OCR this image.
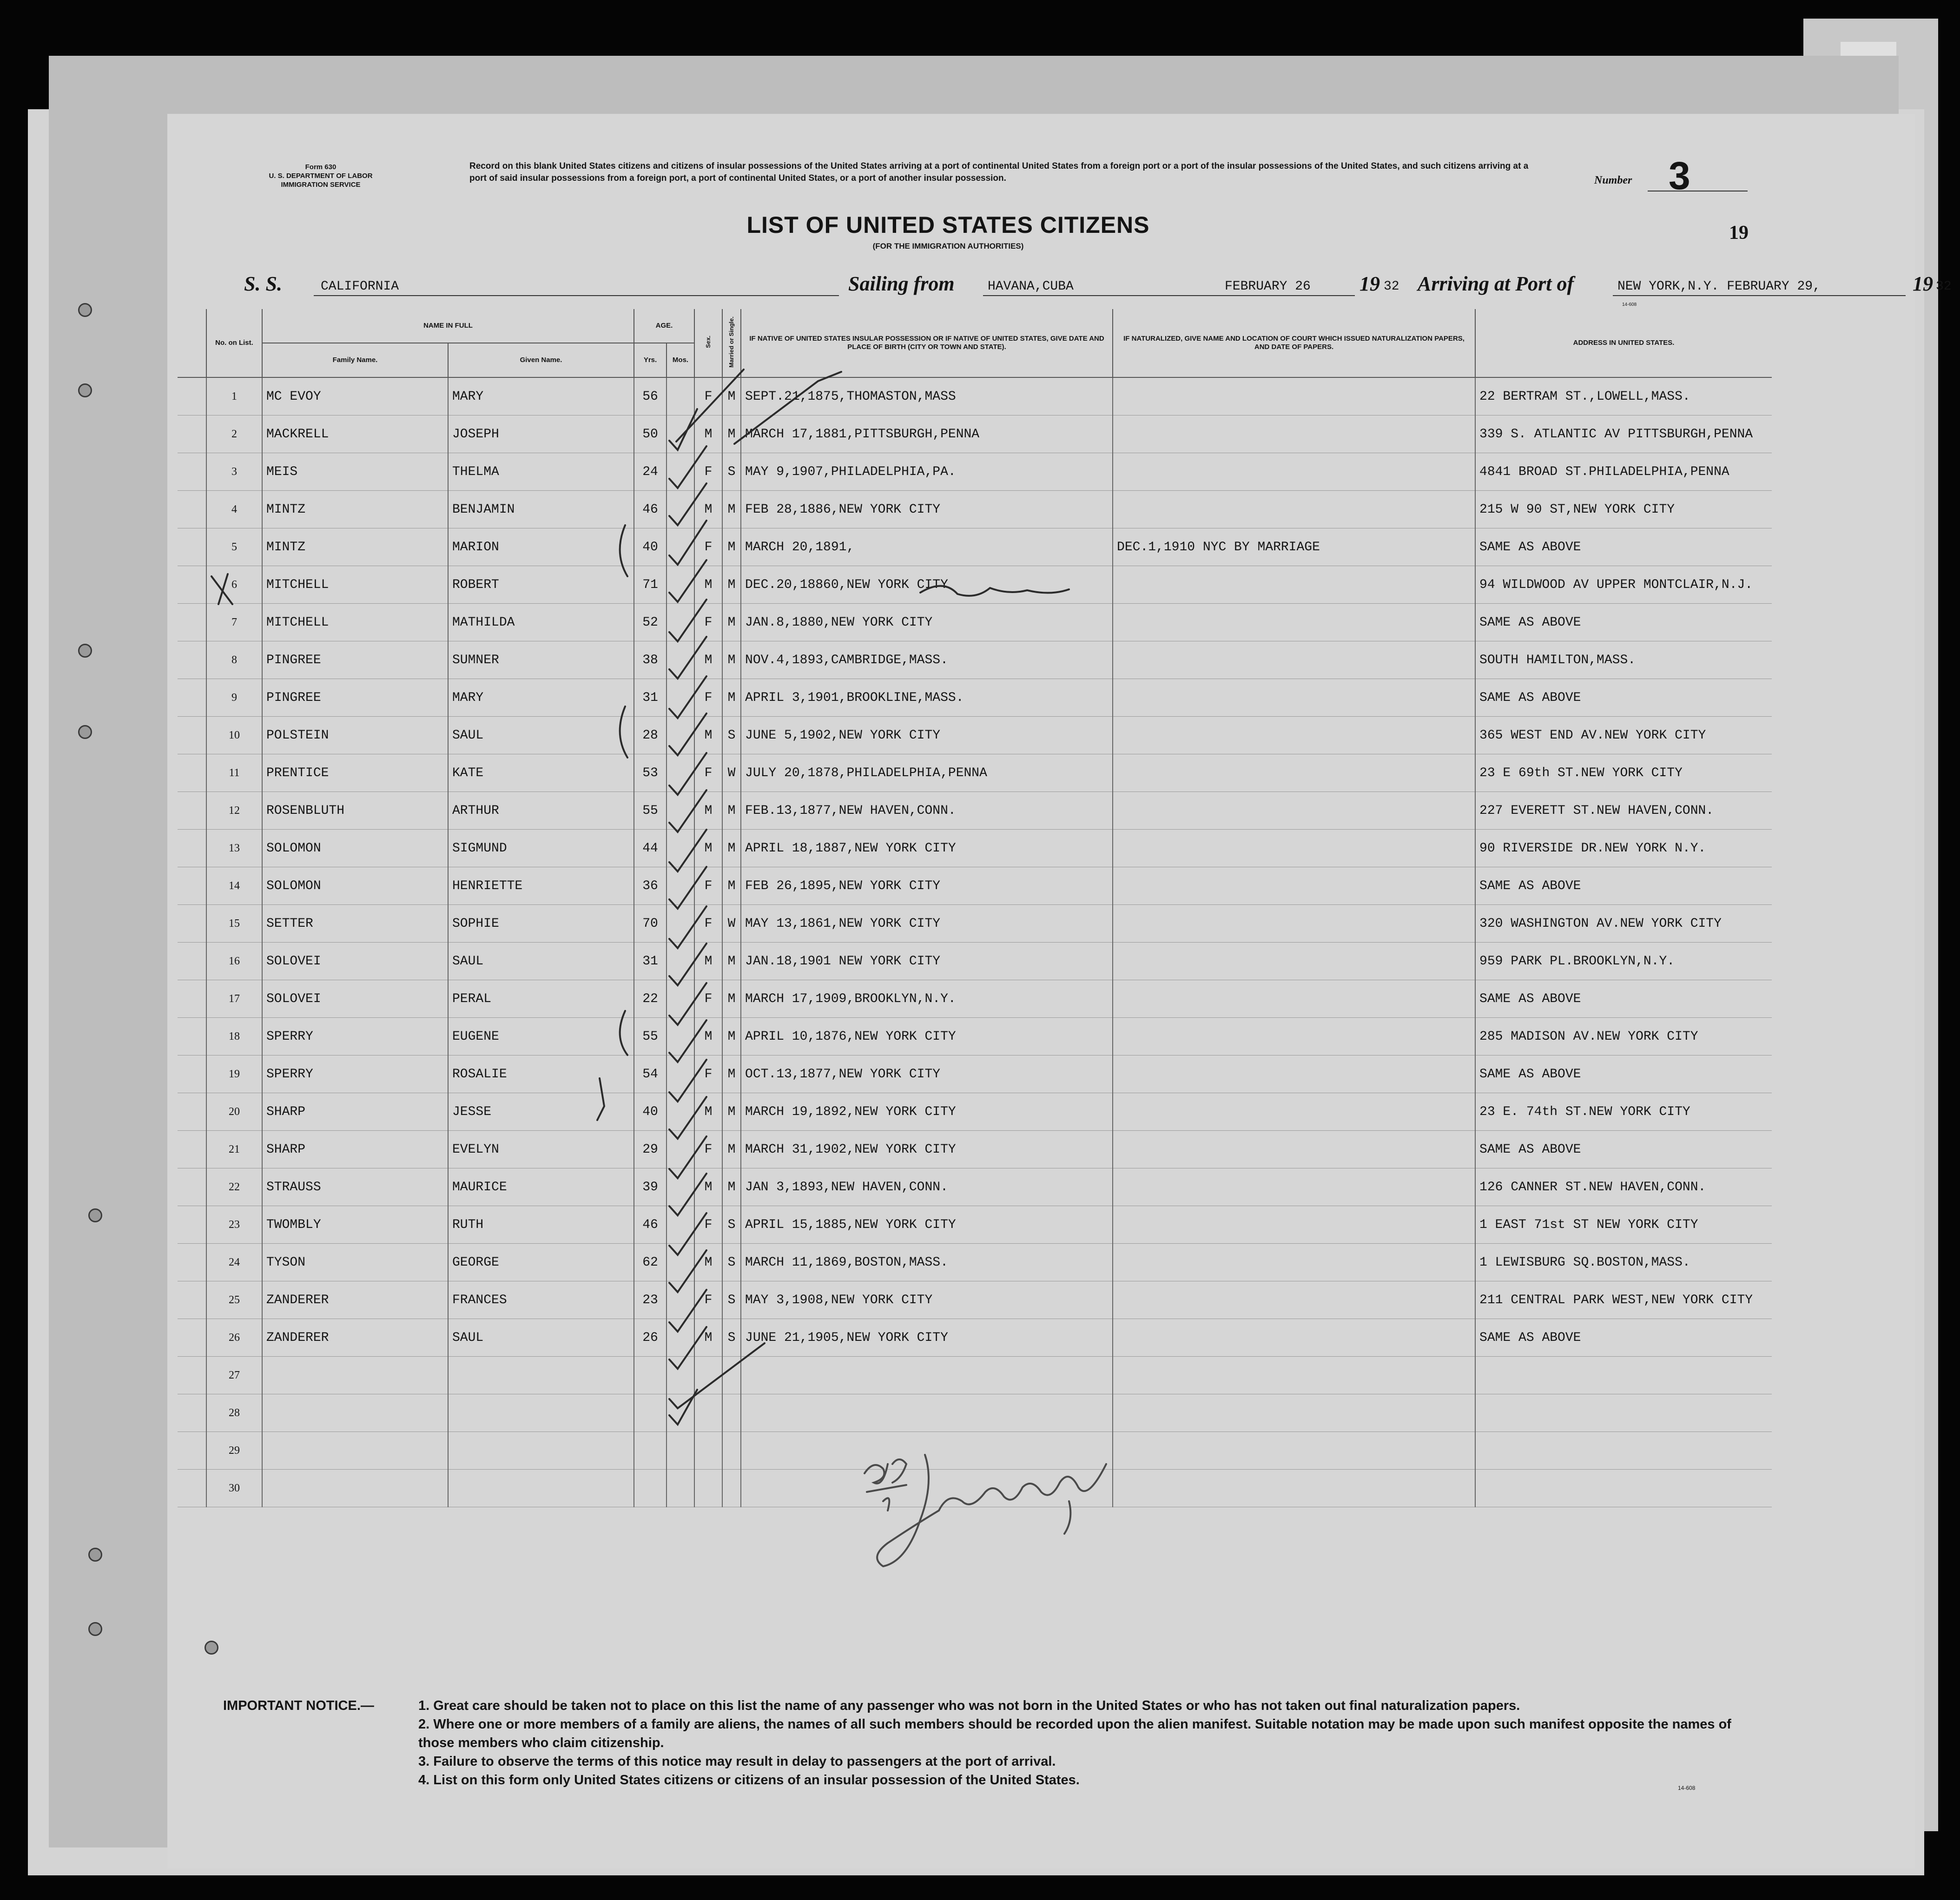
Form 630
U. S. DEPARTMENT OF LABOR
IMMIGRATION SERVICE
Record on this blank United States citizens and citizens of insular possessions of the United States arriving at a port of continental United States from a foreign port or a port of the insular possessions of the United States, and such citizens arriving at a port of said insular possessions from a foreign port, a port of continental United States, or a port of another insular possession.	Number 3
LIST OF UNITED STATES CITIZENS
(FOR THE IMMIGRATION AUTHORITIES)
19
S. S.	CALIFORNIA	Sailing from	HAVANA,CUBA	FEBRUARY 26 19 32 Arriving at Port of	NEW YORK,N.Y. FEBRUARY 29,	19 32
14-608
	No. on List.	NAME IN FULL		AGE.		Sex.	Married or Single.	IF NATIVE OF UNITED STATES INSULAR POSSESSION OR IF NATIVE OF UNITED STATES, GIVE DATE AND PLACE OF BIRTH (CITY OR TOWN AND STATE).	IF NATURALIZED, GIVE NAME AND LOCATION OF COURT WHICH ISSUED NATURALIZATION PAPERS, AND DATE OF PAPERS.	ADDRESS IN UNITED STATES.
		Family Name.	Given Name.	Yrs.	Mos.					
	1	MC EVOY	MARY	56		F	M	SEPT.21,1875,THOMASTON,MASS		22 BERTRAM ST.,LOWELL,MASS.
	2	MACKRELL	JOSEPH	50		M	M	MARCH 17,1881,PITTSBURGH,PENNA		339 S. ATLANTIC AV PITTSBURGH,PENNA
	3	MEIS	THELMA	24		F	S	MAY 9,1907,PHILADELPHIA,PA.		4841 BROAD ST.PHILADELPHIA,PENNA
	4	MINTZ	BENJAMIN	46		M	M	FEB 28,1886,NEW YORK CITY		215 W 90 ST,NEW YORK CITY
	5	MINTZ	MARION	40		F	M	MARCH 20,1891,	DEC.1,1910 NYC BY MARRIAGE	SAME AS ABOVE
	6	MITCHELL	ROBERT	71		M	M	DEC.20,18860,NEW YORK CITY		94 WILDWOOD AV UPPER MONTCLAIR,N.J.
	7	MITCHELL	MATHILDA	52		F	M	JAN.8,1880,NEW YORK CITY		SAME AS ABOVE
	8	PINGREE	SUMNER	38		M	M	NOV.4,1893,CAMBRIDGE,MASS.		SOUTH HAMILTON,MASS.
	9	PINGREE	MARY	31		F	M	APRIL 3,1901,BROOKLINE,MASS.		SAME AS ABOVE
	10	POLSTEIN	SAUL	28		M	S	JUNE 5,1902,NEW YORK CITY		365 WEST END AV.NEW YORK CITY
	11	PRENTICE	KATE	53		F	W	JULY 20,1878,PHILADELPHIA,PENNA		23 E 69th ST.NEW YORK CITY
	12	ROSENBLUTH	ARTHUR	55		M	M	FEB.13,1877,NEW HAVEN,CONN.		227 EVERETT ST.NEW HAVEN,CONN.
	13	SOLOMON	SIGMUND	44		M	M	APRIL 18,1887,NEW YORK CITY		90 RIVERSIDE DR.NEW YORK N.Y.
	14	SOLOMON	HENRIETTE	36		F	M	FEB 26,1895,NEW YORK CITY		SAME AS ABOVE
	15	SETTER	SOPHIE	70		F	W	MAY 13,1861,NEW YORK CITY		320 WASHINGTON AV.NEW YORK CITY
	16	SOLOVEI	SAUL	31		M	M	JAN.18,1901 NEW YORK CITY		959 PARK PL.BROOKLYN,N.Y.
	17	SOLOVEI	PERAL	22		F	M	MARCH 17,1909,BROOKLYN,N.Y.		SAME AS ABOVE
	18	SPERRY	EUGENE	55		M	M	APRIL 10,1876,NEW YORK CITY		285 MADISON AV.NEW YORK CITY
	19	SPERRY	ROSALIE	54		F	M	OCT.13,1877,NEW YORK CITY		SAME AS ABOVE
	20	SHARP	JESSE	40		M	M	MARCH 19,1892,NEW YORK CITY		23 E. 74th ST.NEW YORK CITY
	21	SHARP	EVELYN	29		F	M	MARCH 31,1902,NEW YORK CITY		SAME AS ABOVE
	22	STRAUSS	MAURICE	39		M	M	JAN 3,1893,NEW HAVEN,CONN.		126 CANNER ST.NEW HAVEN,CONN.
	23	TWOMBLY	RUTH	46		F	S	APRIL 15,1885,NEW YORK CITY		1 EAST 71st ST NEW YORK CITY
	24	TYSON	GEORGE	62		M	S	MARCH 11,1869,BOSTON,MASS.		1 LEWISBURG SQ.BOSTON,MASS.
	25	ZANDERER	FRANCES	23		F	S	MAY 3,1908,NEW YORK CITY		211 CENTRAL PARK WEST,NEW YORK CITY
	26	ZANDERER	SAUL	26		M	S	JUNE 21,1905,NEW YORK CITY		SAME AS ABOVE
	27									
	28									
	29									
	30									
IMPORTANT NOTICE.—	1. Great care should be taken not to place on this list the name of any passenger who was not born in the United States or who has not taken out final naturalization papers.
2. Where one or more members of a family are aliens, the names of all such members should be recorded upon the alien manifest. Suitable notation may be made upon such manifest opposite the names of those members who claim citizenship.
3. Failure to observe the terms of this notice may result in delay to passengers at the port of arrival.
4. List on this form only United States citizens or citizens of an insular possession of the United States.
14-608
